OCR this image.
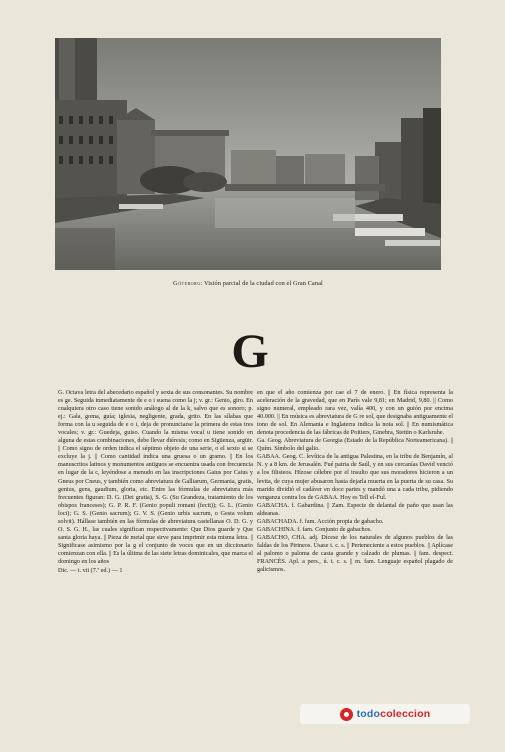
Göteborg: Visión parcial de la ciudad con el Gran Canal
G

G. Octava letra del abecedario español y sexta de sus consonantes. Su nombre es ge. Seguida inmediatamente de e o i suena como la j; v. gr.: Genio, giro. En cualquiera otro caso tiene sonido análogo al de la k, salvo que es sonoro; p. ej.: Gala, goma, guía; iglesia, negligente, grada, grito. En las sílabas que forma con la u seguida de e o i, deja de pronunciarse la primera de estas tres vocales; v. gr.: Guedeja, guiso. Cuando la misma vocal u tiene sonido en alguna de estas combinaciones, debe llevar diéresis; como en Sigüenza, argüir. || Como signo de orden indica el séptimo objeto de una serie, o el sexto si se excluye la j. || Como cantidad indica una gruesa o un gramo. || En los manuscritos latinos y monumentos antiguos se encuentra usada con frecuencia en lugar de la c, leyéndose a menudo en las inscripciones Gaius por Caius y Gneus por Cneus, y también como abreviatura de Galliarum, Germania, gratis, genius, gens, gaudium, gloria, etc. Entre las fórmulas de abreviatura más frecuentes figuran: D. G. (Dei gratia), S. G. (Su Grandeza, tratamiento de los obispos franceses); G. P. R. F. (Genio populi romani (fecit)); G. L. (Genio loci); G. S. (Genio sacrum); G. V. S. (Genio urbis sacrum, o Gesta volum solvit). Hállase también en las fórmulas de abreviatura castellanas O. D. G. y O. S. G. H., las cuales significan respectivamente: Que Dios guarde y Que santa gloria haya. || Pieza de metal que sirve para imprimir esta misma letra. || Significase asimismo por la g el conjunto de voces que en un diccionario comienzan con ella. || Es la última de las siete letras dominicales, que marca el domingo en los años

Dic. — t. vii (7.ª ed.) — 1
en que el año comienza por cae el 7 de enero. || En física representa la aceleración de la gravedad, que en París vale 9,81; en Madrid, 9,80. || Como signo numeral, empleado rara vez, valía 400, y con un guión por encima 40.000. || En música es abreviatura de G re sol, que designaba antiguamente el tono de sol. En Alemania e Inglaterra indica la nota sol. || En numismática denota procedencia de las fábricas de Poitiers, Ginebra, Stettin o Karlsruhe.
Ga. Geog. Abreviatura de Georgia (Estado de la República Norteamericana). || Quím. Símbolo del galio.
GABAA. Geog. C. levítica de la antigua Palestina, en la tribu de Benjamín, al N. y a 8 km. de Jerusalén. Fué patria de Saúl, y en sus cercanías David venció a los filisteos. Hízose célebre por el insulto que sus moradores hicieron a un levita, de cuya mujer abusaron hasta dejarla muerta en la puerta de su casa. Su marido dividió el cadáver en doce partes y mandó una a cada tribu, pidiendo venganza contra los de GABAA. Hoy es Tell el-Ful.
GABACHA. f. Gabardina. || Zam. Especie de delantal de paño que usan las aldeanas.
GABACHADA. f. fam. Acción propia de gabacho.
GABACHINA. f. fam. Conjunto de gabachos.
GABACHO, CHA. adj. Dícese de los naturales de algunos pueblos de las faldas de los Pirineos. Úsase t. c. s. || Perteneciente a estos pueblos. || Aplícase al palomo o paloma de casta grande y calzado de plumas. || fam. despect. FRANCÉS. Apl. a pers., ú. t. c. s. || m. fam. Lenguaje español plagado de galicismos.
todocoleccion
